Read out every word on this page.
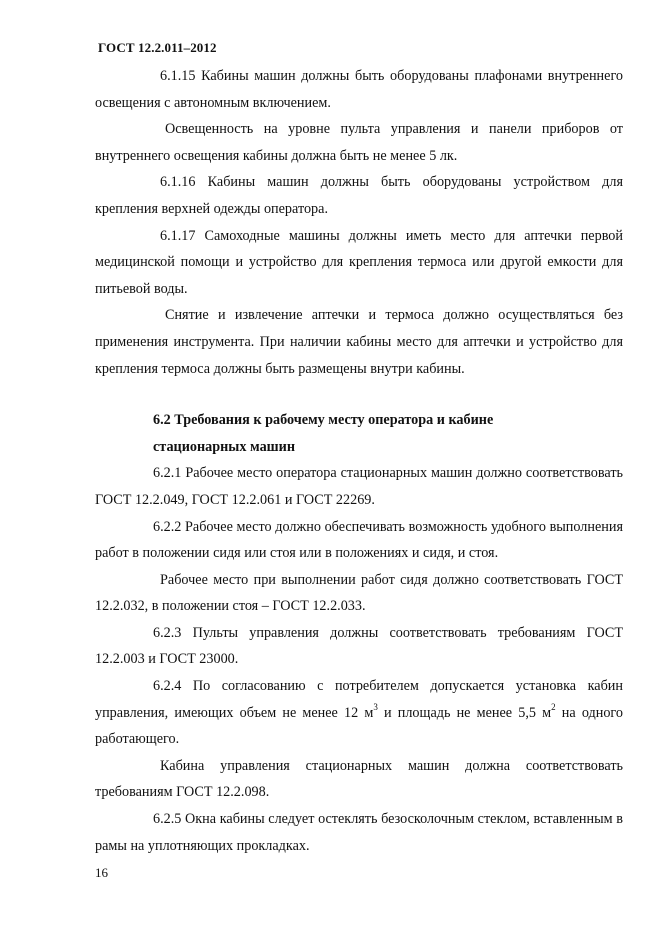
ГОСТ 12.2.011–2012

6.1.15 Кабины машин должны быть оборудованы плафонами внутреннего освещения с автономным включением.

Освещенность на уровне пульта управления и панели приборов от внутреннего освещения кабины должна быть не менее 5 лк.

6.1.16 Кабины машин должны быть оборудованы устройством для крепления верхней одежды оператора.

6.1.17 Самоходные машины должны иметь место для аптечки первой медицинской помощи и устройство для крепления термоса или другой емкости для питьевой воды.

Снятие и извлечение аптечки и термоса должно осуществляться без применения инструмента. При наличии кабины место для аптечки и устройство для крепления термоса должны быть размещены внутри кабины.

6.2 Требования к рабочему месту оператора и кабине

стационарных машин

6.2.1 Рабочее место оператора стационарных машин должно соответствовать ГОСТ 12.2.049, ГОСТ 12.2.061 и ГОСТ 22269.

6.2.2 Рабочее место должно обеспечивать возможность удобного выполнения работ в положении сидя или стоя или в положениях и сидя, и стоя.

Рабочее место при выполнении работ сидя должно соответствовать ГОСТ 12.2.032, в положении стоя – ГОСТ 12.2.033.

6.2.3 Пульты управления должны соответствовать требованиям ГОСТ 12.2.003 и ГОСТ 23000.

6.2.4 По согласованию с потребителем допускается установка кабин управления, имеющих объем не менее 12 $м^3$ и площадь не менее 5,5 $м^2$ на одного работающего.

Кабина управления стационарных машин должна соответствовать требованиям ГОСТ 12.2.098.

6.2.5 Окна кабины следует остеклять безосколочным стеклом, вставленным в рамы на уплотняющих прокладках.

16
